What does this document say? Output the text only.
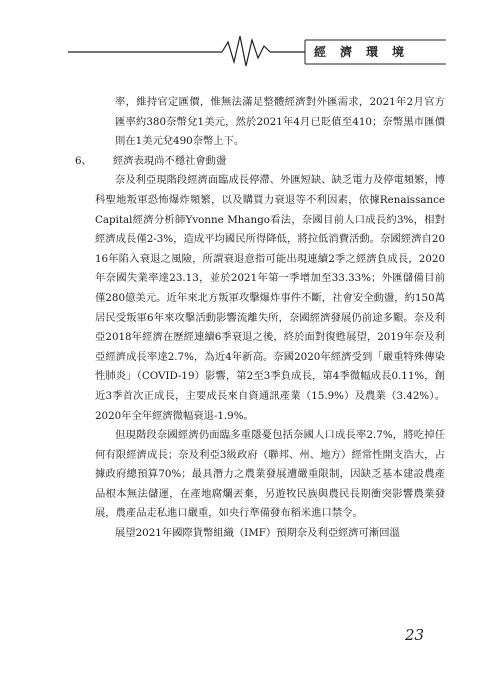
經濟環境

率，維持官定匯價，惟無法滿足整體經濟對外匯需求，2021年2月官方匯率約380奈幣兌1美元，然於2021年4月已貶值至410；奈幣黑市匯價則在1美元兌490奈幣上下。

6、 經濟表現尚不穩社會動盪

奈及利亞現階段經濟面臨成長停滯、外匯短缺、缺乏電力及停電頻繁，博科聖地叛軍恐怖爆炸頻繁，以及購買力衰退等不利因素，依據Renaissance Capital經濟分析師Yvonne Mhango看法，奈國目前人口成長約3%，相對經濟成長僅2-3%，造成平均國民所得降低，將拉低消費活動。奈國經濟自2016年陷入衰退之風險，所謂衰退意指可能出現連續2季之經濟負成長，2020年奈國失業率達23.13，並於2021年第一季增加至33.33%；外匯儲備目前僅280億美元。近年來北方叛軍攻擊爆炸事件不斷，社會安全動盪，約150萬居民受叛軍6年來攻擊活動影響流離失所，奈國經濟發展仍前途多艱。奈及利亞2018年經濟在歷經連續6季衰退之後，終於面對復甦展望，2019年奈及利亞經濟成長率達2.7%，為近4年新高。奈國2020年經濟受到「嚴重特殊傳染性肺炎」（COVID-19）影響，第2至3季負成長，第4季微幅成長0.11%，創近3季首次正成長，主要成長來自資通訊產業（15.9%）及農業（3.42%）。2020年全年經濟微幅衰退-1.9%。

但現階段奈國經濟仍面臨多重隱憂包括奈國人口成長率2.7%，將吃掉任何有限經濟成長；奈及利亞3級政府（聯邦、州、地方）經常性開支浩大，占據政府總預算70%；最具潛力之農業發展遭嚴重限制，因缺乏基本建設農產品根本無法儲運，在產地腐爛丟棄，另遊牧民族與農民長期衝突影響農業發展，農產品走私進口嚴重，如央行準備發布稻米進口禁令。

展望2021年國際貨幣組織（IMF）預期奈及利亞經濟可漸回溫

23
